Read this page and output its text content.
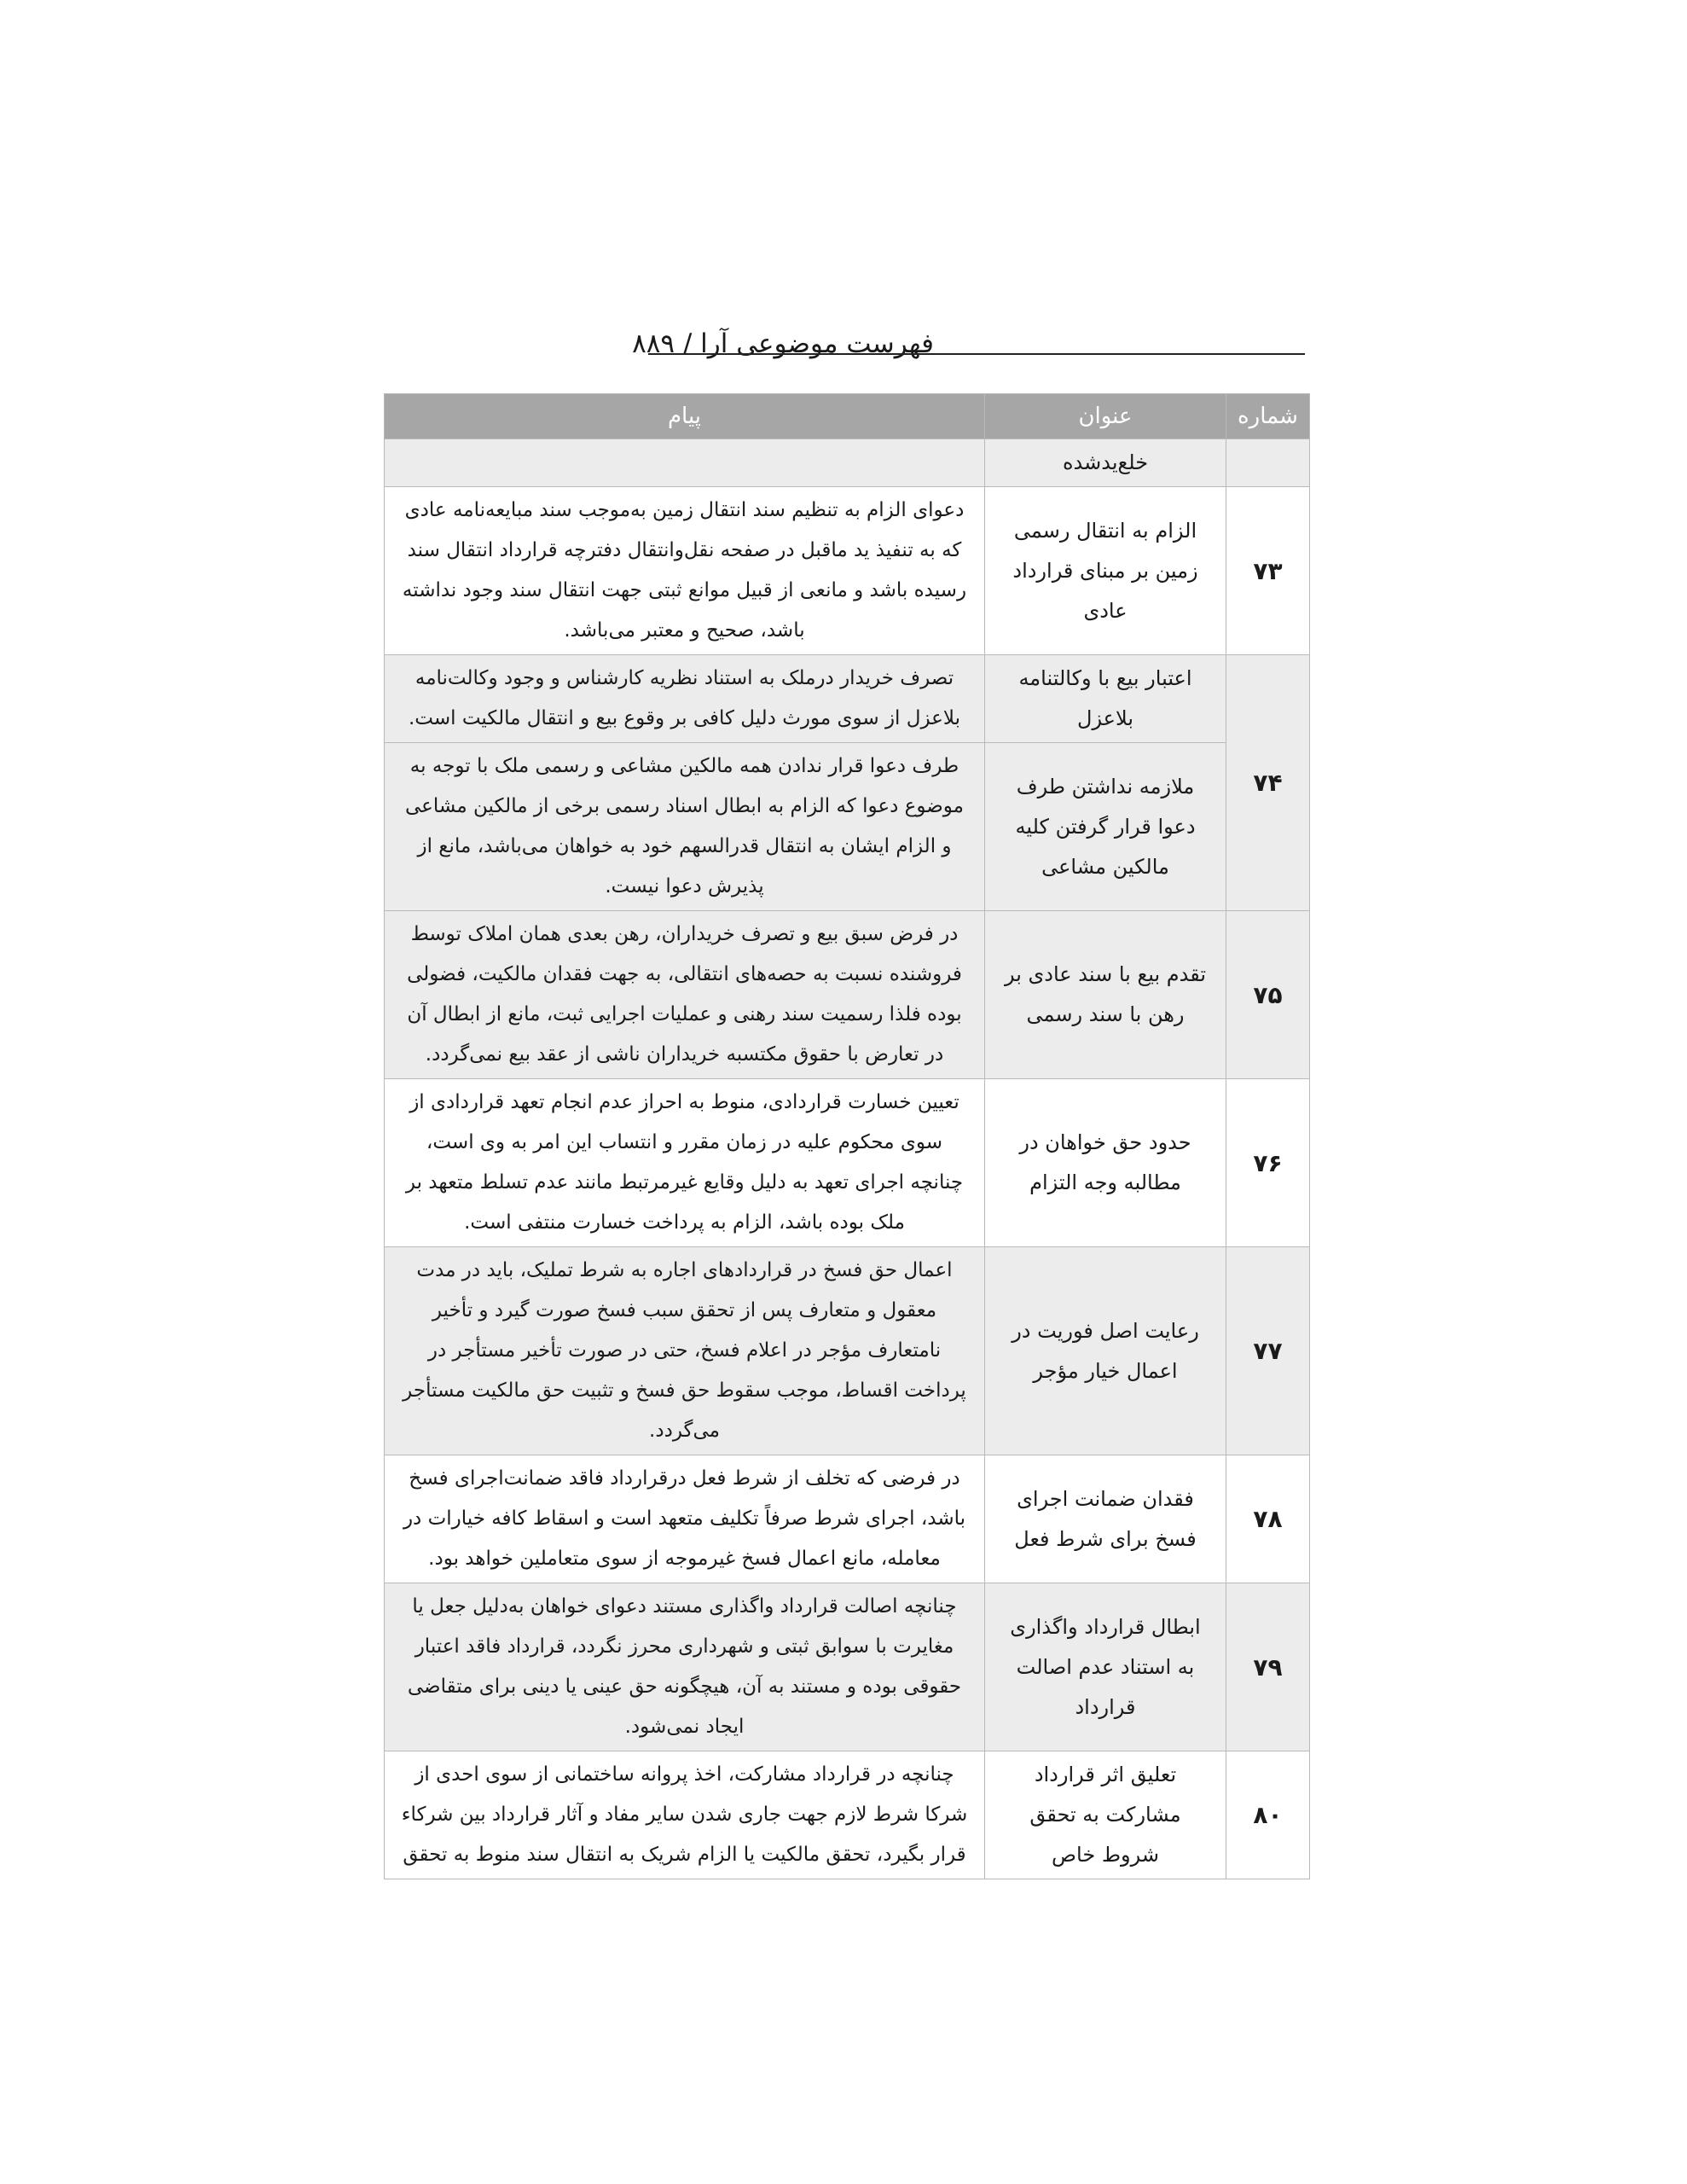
فهرست موضوعی آرا / ۸۸۹
شماره	عنوان	پیام
	خلع‌یدشده	
۷۳	الزام به انتقال رسمی زمین بر مبنای قرارداد عادی	دعوای الزام به تنظیم سند انتقال زمین به‌موجب سند مبایعه‌نامه عادی که به تنفیذ ید ماقبل در صفحه نقل‌وانتقال دفترچه قرارداد انتقال سند رسیده باشد و مانعی از قبیل موانع ثبتی جهت انتقال سند وجود نداشته باشد، صحیح و معتبر می‌باشد.
۷۴	اعتبار بیع با وکالتنامه بلاعزل	تصرف خریدار درملک به استناد نظریه کارشناس و وجود وکالت‌نامه بلاعزل از سوی مورث دلیل کافی بر وقوع بیع و انتقال مالکیت است.
	ملازمه نداشتن طرف دعوا قرار گرفتن کلیه مالکین مشاعی	طرف دعوا قرار ندادن همه مالکین مشاعی و رسمی ملک با توجه به موضوع دعوا که الزام به ابطال اسناد رسمی برخی از مالکین مشاعی و الزام ایشان به انتقال قدرالسهم خود به خواهان می‌باشد، مانع از پذیرش دعوا نیست.
۷۵	تقدم بیع با سند عادی بر رهن با سند رسمی	در فرض سبق بیع و تصرف خریداران، رهن بعدی همان املاک توسط فروشنده نسبت به حصه‌های انتقالی، به جهت فقدان مالکیت، فضولی بوده فلذا رسمیت سند رهنی و عملیات اجرایی ثبت، مانع از ابطال آن در تعارض با حقوق مکتسبه خریداران ناشی از عقد بیع نمی‌گردد.
۷۶	حدود حق خواهان در مطالبه وجه التزام	تعیین خسارت قراردادی، منوط به احراز عدم انجام تعهد قراردادی از سوی محکوم علیه در زمان مقرر و انتساب این امر به وی است، چنانچه اجرای تعهد به دلیل وقایع غیرمرتبط مانند عدم تسلط متعهد بر ملک بوده باشد، الزام به پرداخت خسارت منتفی است.
۷۷	رعایت اصل فوریت در اعمال خیار مؤجر	اعمال حق فسخ در قراردادهای اجاره به شرط تملیک، باید در مدت معقول و متعارف پس از تحقق سبب فسخ صورت گیرد و تأخیر نامتعارف مؤجر در اعلام فسخ، حتی در صورت تأخیر مستأجر در پرداخت اقساط، موجب سقوط حق فسخ و تثبیت حق مالکیت مستأجر می‌گردد.
۷۸	فقدان ضمانت اجرای فسخ برای شرط فعل	در فرضی که تخلف از شرط فعل درقرارداد فاقد ضمانت‌اجرای فسخ باشد، اجرای شرط صرفاً تکلیف متعهد است و اسقاط کافه خیارات در معامله، مانع اعمال فسخ غیرموجه از سوی متعاملین خواهد بود.
۷۹	ابطال قرارداد واگذاری به استناد عدم اصالت قرارداد	چنانچه اصالت قرارداد واگذاری مستند دعوای خواهان به‌دلیل جعل یا مغایرت با سوابق ثبتی و شهرداری محرز نگردد، قرارداد فاقد اعتبار حقوقی بوده و مستند به آن، هیچگونه حق عینی یا دینی برای متقاضی ایجاد نمی‌شود.
۸۰	تعلیق اثر قرارداد مشارکت به تحقق شروط خاص	چنانچه در قرارداد مشارکت، اخذ پروانه ساختمانی از سوی احدی از شرکا شرط لازم جهت جاری شدن سایر مفاد و آثار قرارداد بین شرکاء قرار بگیرد، تحقق مالکیت یا الزام شریک به انتقال سند منوط به تحقق
